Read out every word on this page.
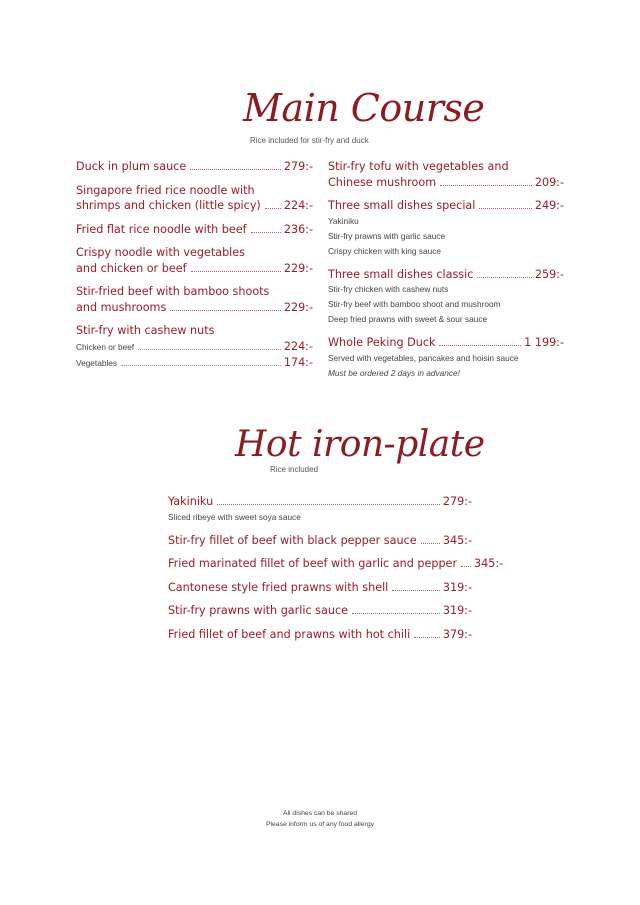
Main Course
Rice included for stir-fry and duck
Duck in plum sauce	279:-
Singapore fried rice noodle with
shrimps and chicken (little spicy) 224:-
Fried flat rice noodle with beef	236:-
Crispy noodle with vegetables
and chicken or beef	229:-
Stir-fried beef with bamboo shoots
and mushrooms	229:-
Stir-fry with cashew nuts
Chicken or beef	224:-
Vegetables	174:-
Stir-fry tofu with vegetables and
Chinese mushroom	209:-
Three small dishes special	249:-
Yakiniku
Stir-fry prawns with garlic sauce
Crispy chicken with king sauce
Three small dishes classic	259:-
Stir-fry chicken with cashew nuts
Stir-fry beef with bamboo shoot and mushroom
Deep fried prawns with sweet & sour sauce
Whole Peking Duck	1 199:-
Served with vegetables, pancakes and hoisin sauce
Must be ordered 2 days in advance!
Hot iron-plate
Rice included
Yakiniku	279:-
Sliced ribeye with sweet soya sauce
Stir-fry fillet of beef with black pepper sauce 345:-
Fried marinated fillet of beef with garlic and pepper 345:-
Cantonese style fried prawns with shell	319:-
Stir-fry prawns with garlic sauce	319:-
Fried fillet of beef and prawns with hot chili	379:-
All dishes can be shared
Please inform us of any food allergy
